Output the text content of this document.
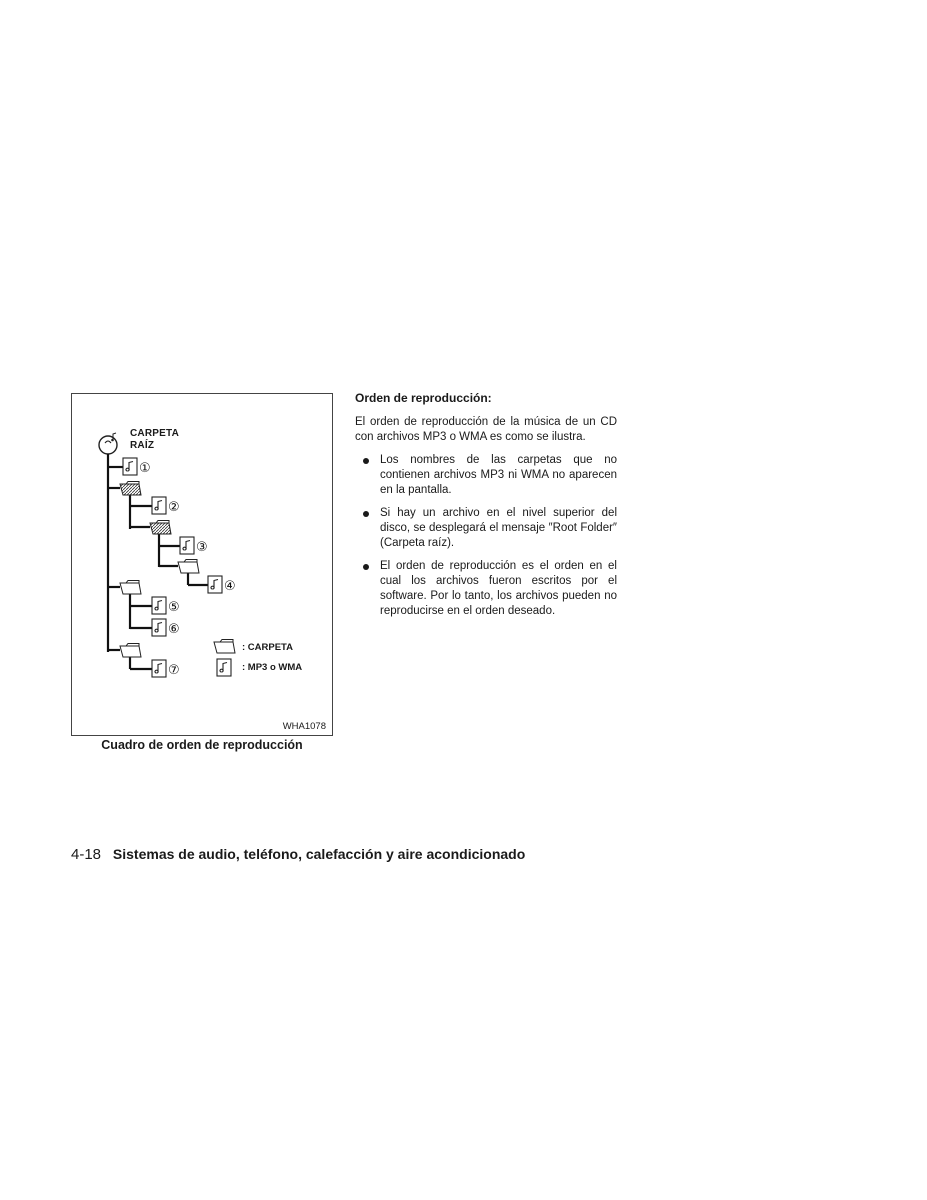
①
②
③
④
⑤
⑥
⑦
CARPETA
RAÍZ
: CARPETA
: MP3 o WMA
WHA1078
Cuadro de orden de reproducción

Orden de reproducción:

El orden de reproducción de la música de un CD con archivos MP3 o WMA es como se ilustra.

Los nombres de las carpetas que no contienen archivos MP3 ni WMA no aparecen en la pantalla.
Si hay un archivo en el nivel superior del disco, se desplegará el mensaje ″Root Folder″ (Carpeta raíz).
El orden de reproducción es el orden en el cual los archivos fueron escritos por el software. Por lo tanto, los archivos pueden no reproducirse en el orden deseado.
4-18 Sistemas de audio, teléfono, calefacción y aire acondicionado
